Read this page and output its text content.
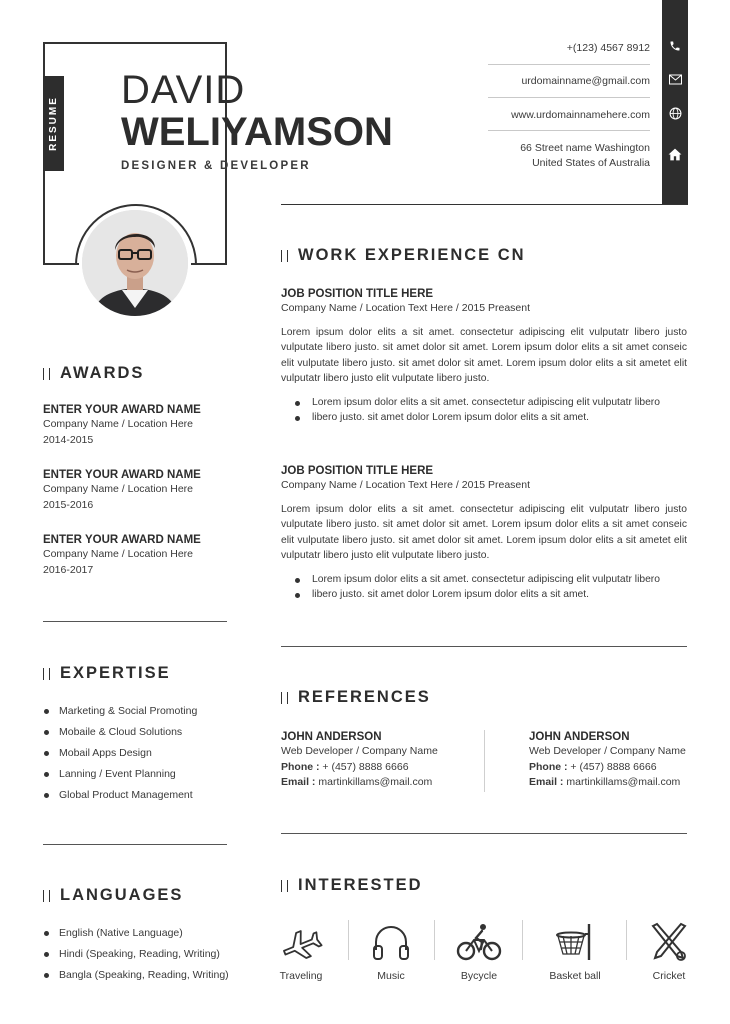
RESUME
DAVID
WELIYAMSON
DESIGNER & DEVELOPER
+(123) 4567 8912
urdomainname@gmail.com
www.urdomainnamehere.com
66 Street name Washington
United States of Australia
AWARDS
ENTER YOUR AWARD NAME
Company Name / Location Here
2014-2015
ENTER YOUR AWARD NAME
Company Name / Location Here
2015-2016
ENTER YOUR AWARD NAME
Company Name / Location Here
2016-2017
EXPERTISE
Marketing & Social Promoting
Mobaile & Cloud Solutions
Mobail Apps Design
Lanning / Event Planning
Global Product Management
LANGUAGES
English (Native Language)
Hindi (Speaking, Reading, Writing)
Bangla (Speaking, Reading, Writing)
WORK EXPERIENCE CN
JOB POSITION TITLE HERE
Company Name / Location Text Here / 2015 Preasent
Lorem ipsum dolor elits a sit amet. consectetur adipiscing elit vulputatr libero justo vulputate libero justo. sit amet dolor sit amet. Lorem ipsum dolor elits a sit amet conseic elit vulputate libero justo. sit amet dolor sit amet. Lorem ipsum dolor elits a sit ametet elit vulputatr libero justo elit vulputate libero justo.
Lorem ipsum dolor elits a sit amet. consectetur adipiscing elit vulputatr libero
libero justo. sit amet dolor Lorem ipsum dolor elits a sit amet.
JOB POSITION TITLE HERE
Company Name / Location Text Here / 2015 Preasent
Lorem ipsum dolor elits a sit amet. consectetur adipiscing elit vulputatr libero justo vulputate libero justo. sit amet dolor sit amet. Lorem ipsum dolor elits a sit amet conseic elit vulputate libero justo. sit amet dolor sit amet. Lorem ipsum dolor elits a sit ametet elit vulputatr libero justo elit vulputate libero justo.
Lorem ipsum dolor elits a sit amet. consectetur adipiscing elit vulputatr libero
libero justo. sit amet dolor Lorem ipsum dolor elits a sit amet.
REFERENCES
JOHN ANDERSON
Web Developer / Company Name
Phone : + (457) 8888 6666
Email : martinkillams@mail.com
JOHN ANDERSON
Web Developer / Company Name
Phone : + (457) 8888 6666
Email : martinkillams@mail.com
INTERESTED
Traveling	Music	Bycycle	Basket ball	Cricket
